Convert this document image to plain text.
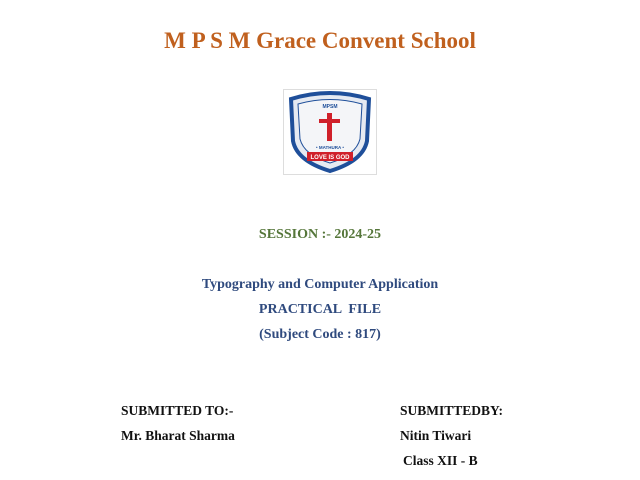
M P S M Grace Convent School
MPSM
• MATHURA •
LOVE IS GOD
SESSION :- 2024-25
Typography and Computer Application
PRACTICAL  FILE
(Subject Code : 817)
SUBMITTED TO:-
Mr. Bharat Sharma
SUBMITTEDBY:
Nitin Tiwari
Class XII - B
